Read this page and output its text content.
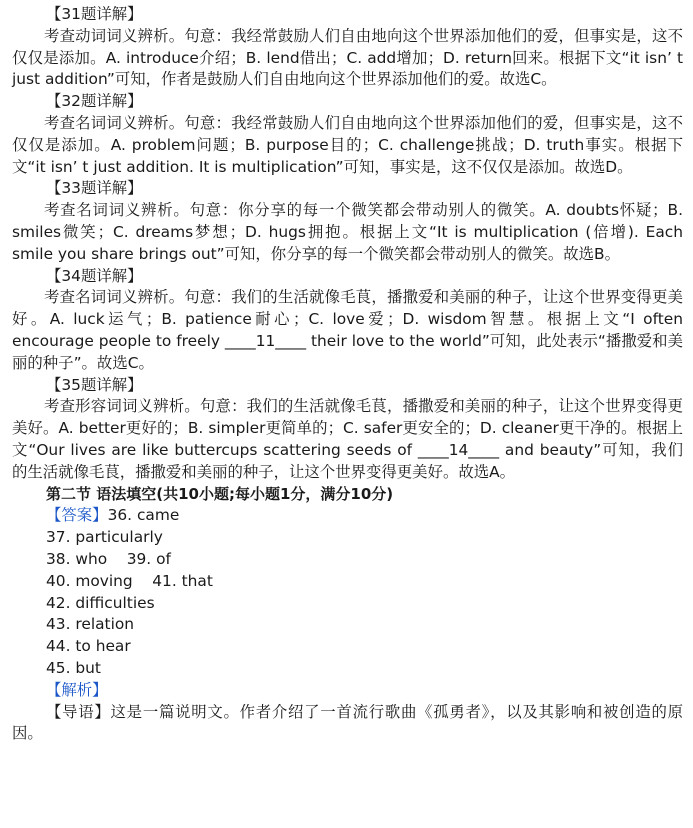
【31题详解】

考查动词词义辨析。句意：我经常鼓励人们自由地向这个世界添加他们的爱，但事实是，这不仅仅是添加。A. introduce介绍；B. lend借出；C. add增加；D. return回来。根据下文“it isn’ t just addition”可知，作者是鼓励人们自由地向这个世界添加他们的爱。故选C。

【32题详解】

考查名词词义辨析。句意：我经常鼓励人们自由地向这个世界添加他们的爱，但事实是，这不仅仅是添加。A. problem问题；B. purpose目的；C. challenge挑战；D. truth事实。根据下文“it isn’ t just addition. It is multiplication”可知，事实是，这不仅仅是添加。故选D。

【33题详解】

考查名词词义辨析。句意：你分享的每一个微笑都会带动别人的微笑。A. doubts怀疑；B. smiles微笑；C. dreams梦想；D. hugs拥抱。根据上文“It is multiplication (倍增). Each smile you share brings out”可知，你分享的每一个微笑都会带动别人的微笑。故选B。

【34题详解】

考查名词词义辨析。句意：我们的生活就像毛茛，播撒爱和美丽的种子，让这个世界变得更美好。A. luck运气；B. patience耐心；C. love爱；D. wisdom智慧。根据上文“I often encourage people to freely ____11____ their love to the world”可知，此处表示“播撒爱和美丽的种子”。故选C。

【35题详解】

考查形容词词义辨析。句意：我们的生活就像毛茛，播撒爱和美丽的种子，让这个世界变得更美好。A. better更好的；B. simpler更简单的；C. safer更安全的；D. cleaner更干净的。根据上文“Our lives are like buttercups scattering seeds of ____14____ and beauty”可知，我们的生活就像毛茛，播撒爱和美丽的种子，让这个世界变得更美好。故选A。

第二节 语法填空(共10小题;每小题1分，满分10分)
【答案】36. came
37. particularly
38. who    39. of
40. moving    41. that
42. difficulties
43. relation
44. to hear
45. but
【解析】

【导语】这是一篇说明文。作者介绍了一首流行歌曲《孤勇者》，以及其影响和被创造的原因。
